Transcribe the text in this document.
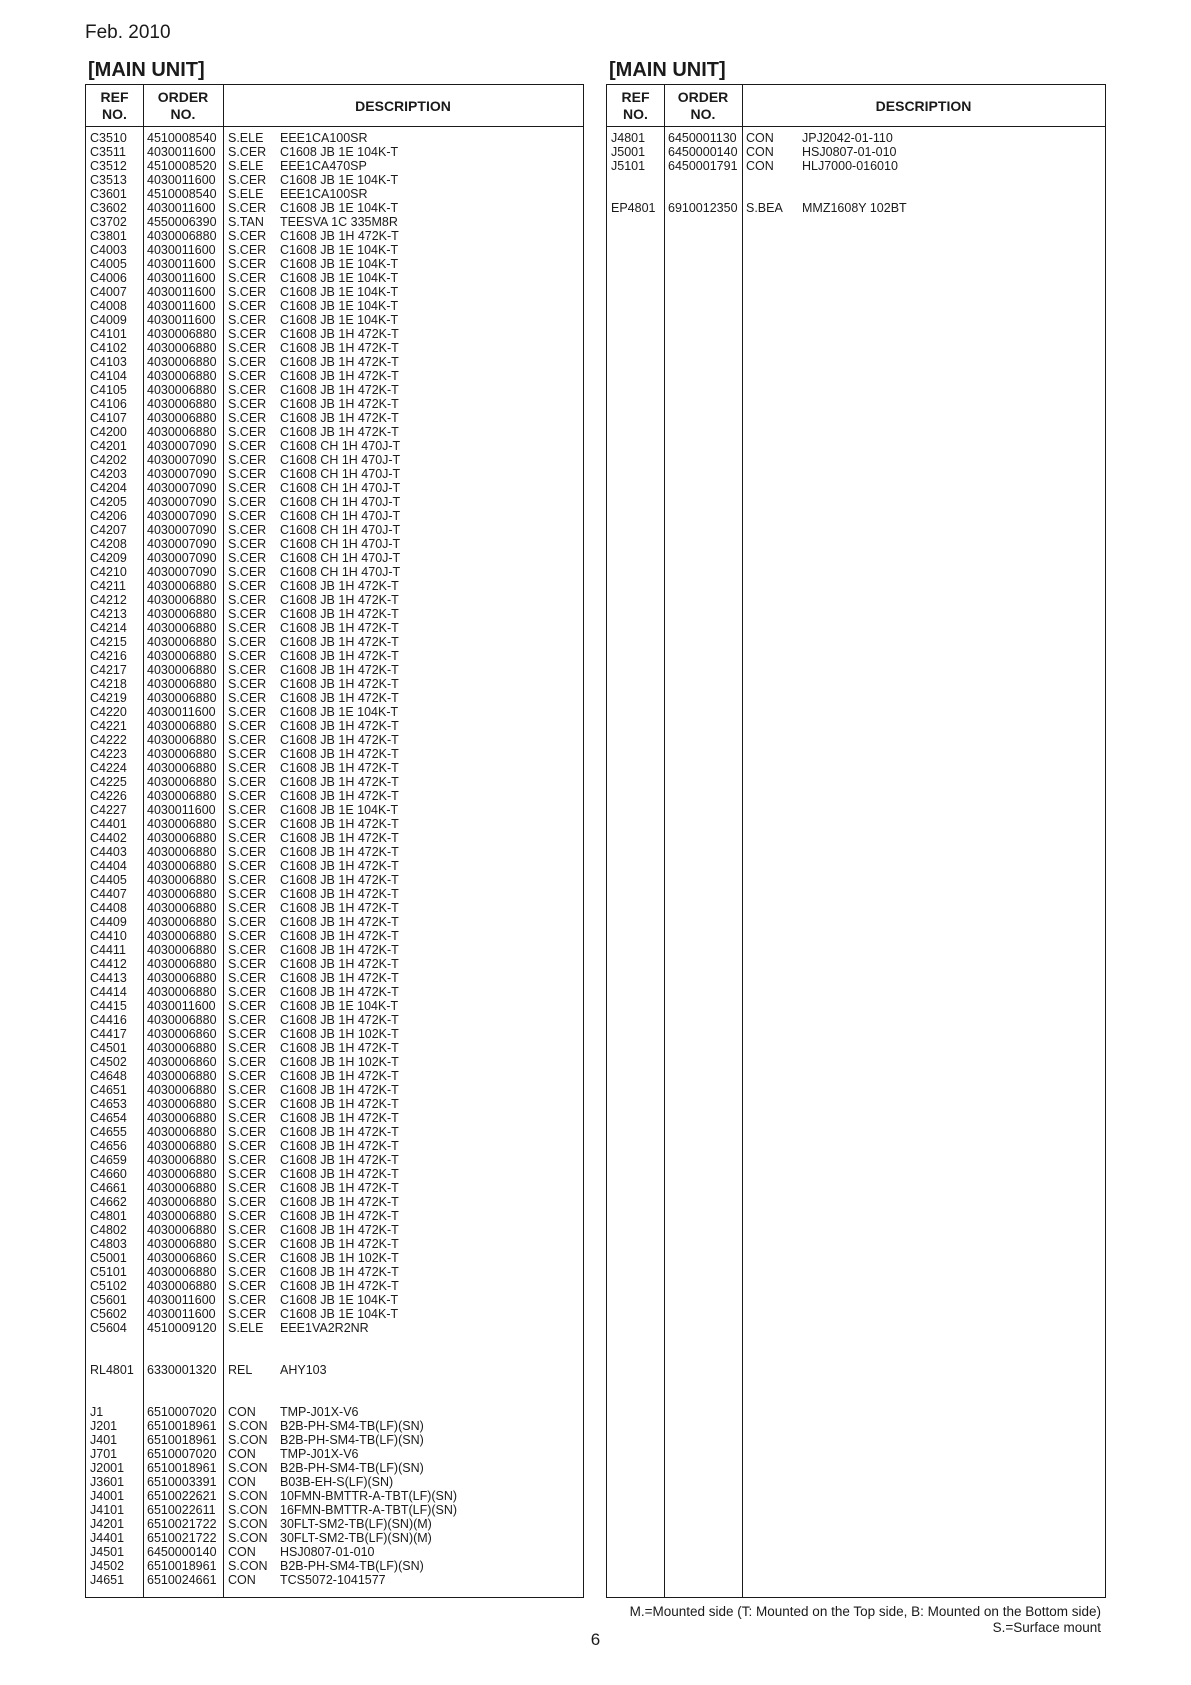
Feb. 2010
[MAIN UNIT]	[MAIN UNIT]
REF
NO.
ORDER
NO.
DESCRIPTION
C3510 4510008540 S.ELE EEE1CA100SR
C3511 4030011600 S.CER C1608 JB 1E 104K-T
C3512 4510008520 S.ELE EEE1CA470SP
C3513 4030011600 S.CER C1608 JB 1E 104K-T
C3601 4510008540 S.ELE EEE1CA100SR
C3602 4030011600 S.CER C1608 JB 1E 104K-T
C3702 4550006390 S.TAN TEESVA 1C 335M8R
C3801 4030006880 S.CER C1608 JB 1H 472K-T
C4003 4030011600 S.CER C1608 JB 1E 104K-T
C4005 4030011600 S.CER C1608 JB 1E 104K-T
C4006 4030011600 S.CER C1608 JB 1E 104K-T
C4007 4030011600 S.CER C1608 JB 1E 104K-T
C4008 4030011600 S.CER C1608 JB 1E 104K-T
C4009 4030011600 S.CER C1608 JB 1E 104K-T
C4101 4030006880 S.CER C1608 JB 1H 472K-T
C4102 4030006880 S.CER C1608 JB 1H 472K-T
C4103 4030006880 S.CER C1608 JB 1H 472K-T
C4104 4030006880 S.CER C1608 JB 1H 472K-T
C4105 4030006880 S.CER C1608 JB 1H 472K-T
C4106 4030006880 S.CER C1608 JB 1H 472K-T
C4107 4030006880 S.CER C1608 JB 1H 472K-T
C4200 4030006880 S.CER C1608 JB 1H 472K-T
C4201 4030007090 S.CER C1608 CH 1H 470J-T
C4202 4030007090 S.CER C1608 CH 1H 470J-T
C4203 4030007090 S.CER C1608 CH 1H 470J-T
C4204 4030007090 S.CER C1608 CH 1H 470J-T
C4205 4030007090 S.CER C1608 CH 1H 470J-T
C4206 4030007090 S.CER C1608 CH 1H 470J-T
C4207 4030007090 S.CER C1608 CH 1H 470J-T
C4208 4030007090 S.CER C1608 CH 1H 470J-T
C4209 4030007090 S.CER C1608 CH 1H 470J-T
C4210 4030007090 S.CER C1608 CH 1H 470J-T
C4211 4030006880 S.CER C1608 JB 1H 472K-T
C4212 4030006880 S.CER C1608 JB 1H 472K-T
C4213 4030006880 S.CER C1608 JB 1H 472K-T
C4214 4030006880 S.CER C1608 JB 1H 472K-T
C4215 4030006880 S.CER C1608 JB 1H 472K-T
C4216 4030006880 S.CER C1608 JB 1H 472K-T
C4217 4030006880 S.CER C1608 JB 1H 472K-T
C4218 4030006880 S.CER C1608 JB 1H 472K-T
C4219 4030006880 S.CER C1608 JB 1H 472K-T
C4220 4030011600 S.CER C1608 JB 1E 104K-T
C4221 4030006880 S.CER C1608 JB 1H 472K-T
C4222 4030006880 S.CER C1608 JB 1H 472K-T
C4223 4030006880 S.CER C1608 JB 1H 472K-T
C4224 4030006880 S.CER C1608 JB 1H 472K-T
C4225 4030006880 S.CER C1608 JB 1H 472K-T
C4226 4030006880 S.CER C1608 JB 1H 472K-T
C4227 4030011600 S.CER C1608 JB 1E 104K-T
C4401 4030006880 S.CER C1608 JB 1H 472K-T
C4402 4030006880 S.CER C1608 JB 1H 472K-T
C4403 4030006880 S.CER C1608 JB 1H 472K-T
C4404 4030006880 S.CER C1608 JB 1H 472K-T
C4405 4030006880 S.CER C1608 JB 1H 472K-T
C4407 4030006880 S.CER C1608 JB 1H 472K-T
C4408 4030006880 S.CER C1608 JB 1H 472K-T
C4409 4030006880 S.CER C1608 JB 1H 472K-T
C4410 4030006880 S.CER C1608 JB 1H 472K-T
C4411 4030006880 S.CER C1608 JB 1H 472K-T
C4412 4030006880 S.CER C1608 JB 1H 472K-T
C4413 4030006880 S.CER C1608 JB 1H 472K-T
C4414 4030006880 S.CER C1608 JB 1H 472K-T
C4415 4030011600 S.CER C1608 JB 1E 104K-T
C4416 4030006880 S.CER C1608 JB 1H 472K-T
C4417 4030006860 S.CER C1608 JB 1H 102K-T
C4501 4030006880 S.CER C1608 JB 1H 472K-T
C4502 4030006860 S.CER C1608 JB 1H 102K-T
C4648 4030006880 S.CER C1608 JB 1H 472K-T
C4651 4030006880 S.CER C1608 JB 1H 472K-T
C4653 4030006880 S.CER C1608 JB 1H 472K-T
C4654 4030006880 S.CER C1608 JB 1H 472K-T
C4655 4030006880 S.CER C1608 JB 1H 472K-T
C4656 4030006880 S.CER C1608 JB 1H 472K-T
C4659 4030006880 S.CER C1608 JB 1H 472K-T
C4660 4030006880 S.CER C1608 JB 1H 472K-T
C4661 4030006880 S.CER C1608 JB 1H 472K-T
C4662 4030006880 S.CER C1608 JB 1H 472K-T
C4801 4030006880 S.CER C1608 JB 1H 472K-T
C4802 4030006880 S.CER C1608 JB 1H 472K-T
C4803 4030006880 S.CER C1608 JB 1H 472K-T
C5001 4030006860 S.CER C1608 JB 1H 102K-T
C5101 4030006880 S.CER C1608 JB 1H 472K-T
C5102 4030006880 S.CER C1608 JB 1H 472K-T
C5601 4030011600 S.CER C1608 JB 1E 104K-T
C5602 4030011600 S.CER C1608 JB 1E 104K-T
C5604 4510009120 S.ELE EEE1VA2R2NR
RL4801 6330001320 REL AHY103
J1	6510007020 CON TMP-J01X-V6
J201 6510018961 S.CON B2B-PH-SM4-TB(LF)(SN)
J401 6510018961 S.CON B2B-PH-SM4-TB(LF)(SN)
J701 6510007020 CON TMP-J01X-V6
J2001 6510018961 S.CON B2B-PH-SM4-TB(LF)(SN)
J3601 6510003391 CON B03B-EH-S(LF)(SN)
J4001 6510022621 S.CON 10FMN-BMTTR-A-TBT(LF)(SN)
J4101 6510022611 S.CON 16FMN-BMTTR-A-TBT(LF)(SN)
J4201 6510021722 S.CON 30FLT-SM2-TB(LF)(SN)(M)
J4401 6510021722 S.CON 30FLT-SM2-TB(LF)(SN)(M)
J4501 6450000140 CON HSJ0807-01-010
J4502 6510018961 S.CON B2B-PH-SM4-TB(LF)(SN)
J4651 6510024661 CON TCS5072-1041577
REF
NO.
ORDER
NO.
DESCRIPTION
J4801 6450001130 CON JPJ2042-01-110
J5001 6450000140 CON HSJ0807-01-010
J5101 6450001791 CON HLJ7000-016010
EP4801 6910012350 S.BEA MMZ1608Y 102BT
M.=Mounted side (T: Mounted on the Top side, B: Mounted on the Bottom side)
S.=Surface mount
6
